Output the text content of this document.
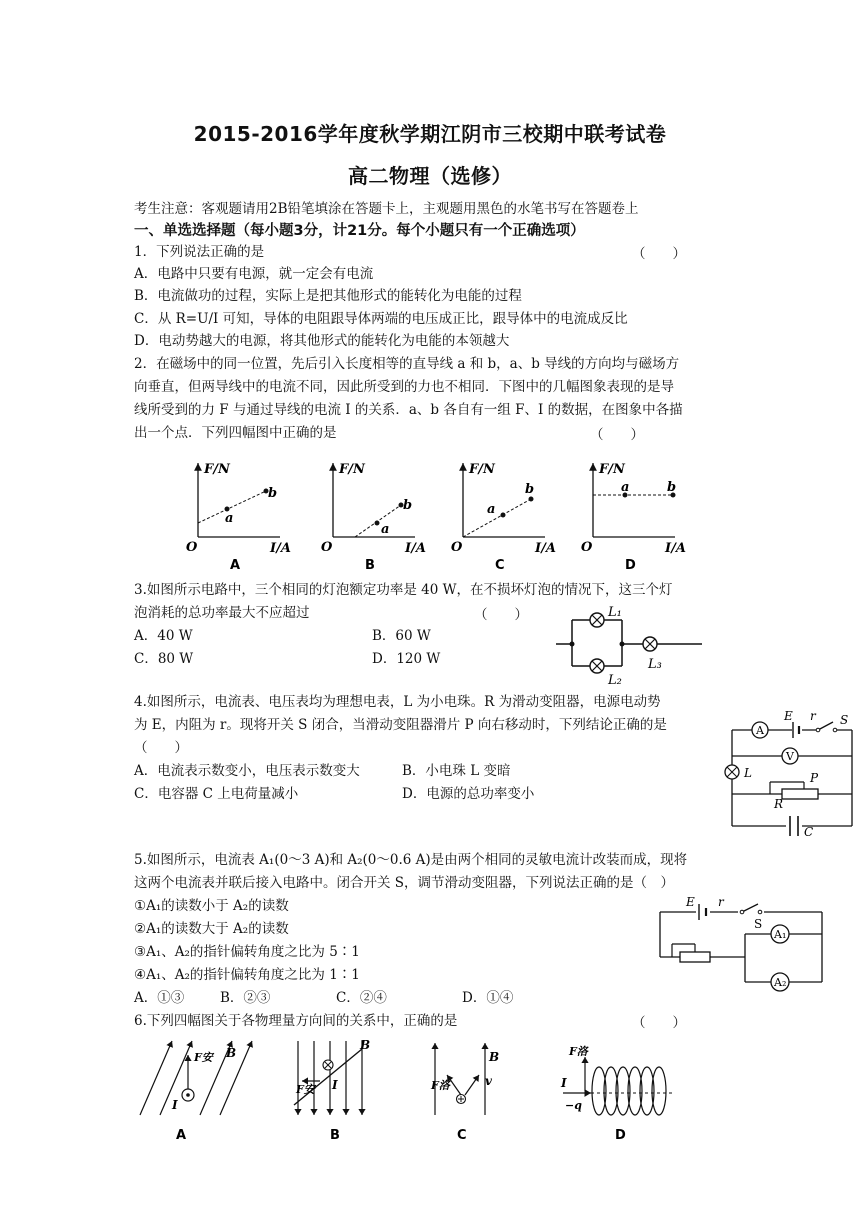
2015-2016学年度秋学期江阴市三校期中联考试卷
高二物理（选修）
考生注意：客观题请用2B铅笔填涂在答题卡上，主观题用黑色的水笔书写在答题卷上
一、单选选择题（每小题3分，计21分。每个小题只有一个正确选项）
1．下列说法正确的是	（　　）
A．电路中只要有电源，就一定会有电流
B．电流做功的过程，实际上是把其他形式的能转化为电能的过程
C．从 R=U/I 可知，导体的电阻跟导体两端的电压成正比，跟导体中的电流成反比
D．电动势越大的电源，将其他形式的能转化为电能的本领越大
2．在磁场中的同一位置，先后引入长度相等的直导线 a 和 b，a、b 导线的方向均与磁场方
向垂直，但两导线中的电流不同，因此所受到的力也不相同．下图中的几幅图象表现的是导
线所受到的力 F 与通过导线的电流 I 的关系．a、b 各自有一组 F、I 的数据，在图象中各描
出一个点．下列四幅图中正确的是	（　　）
F/N
I/A
O
a
b
A
F/N
I/A
O
a
b
B
F/N
I/A
O
a
b
C
F/N
I/A
O
a	b
D
3.如图所示电路中，三个相同的灯泡额定功率是 40 W，在不损坏灯泡的情况下，这三个灯
泡消耗的总功率最大不应超过	（　　）
A．40 W	B．60 W
C．80 W	D．120 W
L₁
L₂
L₃
4.如图所示，电流表、电压表均为理想电表，L 为小电珠。R 为滑动变阻器，电源电动势
为 E，内阻为 r。现将开关 S 闭合，当滑动变阻器滑片 P 向右移动时，下列结论正确的是
（　　）
A．电流表示数变小，电压表示数变大	B．小电珠 L 变暗
C．电容器 C 上电荷量减小	D．电源的总功率变小
A
V
E r S
L	P
R
C
5.如图所示，电流表 A₁(0～3 A)和 A₂(0～0.6 A)是由两个相同的灵敏电流计改装而成，现将
这两个电流表并联后接入电路中。闭合开关 S，调节滑动变阻器，下列说法正确的是（　）
①A₁的读数小于 A₂的读数
②A₁的读数大于 A₂的读数
③A₁、A₂的指针偏转角度之比为 5∶1
④A₁、A₂的指针偏转角度之比为 1∶1
A．①③	B．②③	C．②④	D．①④
A₁
A₂
E r
S
6.下列四幅图关于各物理量方向间的关系中，正确的是	（　　）
F安 B
I
A
F安
B
I
B
F洛
B
v
C
F洛
I
−q
D
